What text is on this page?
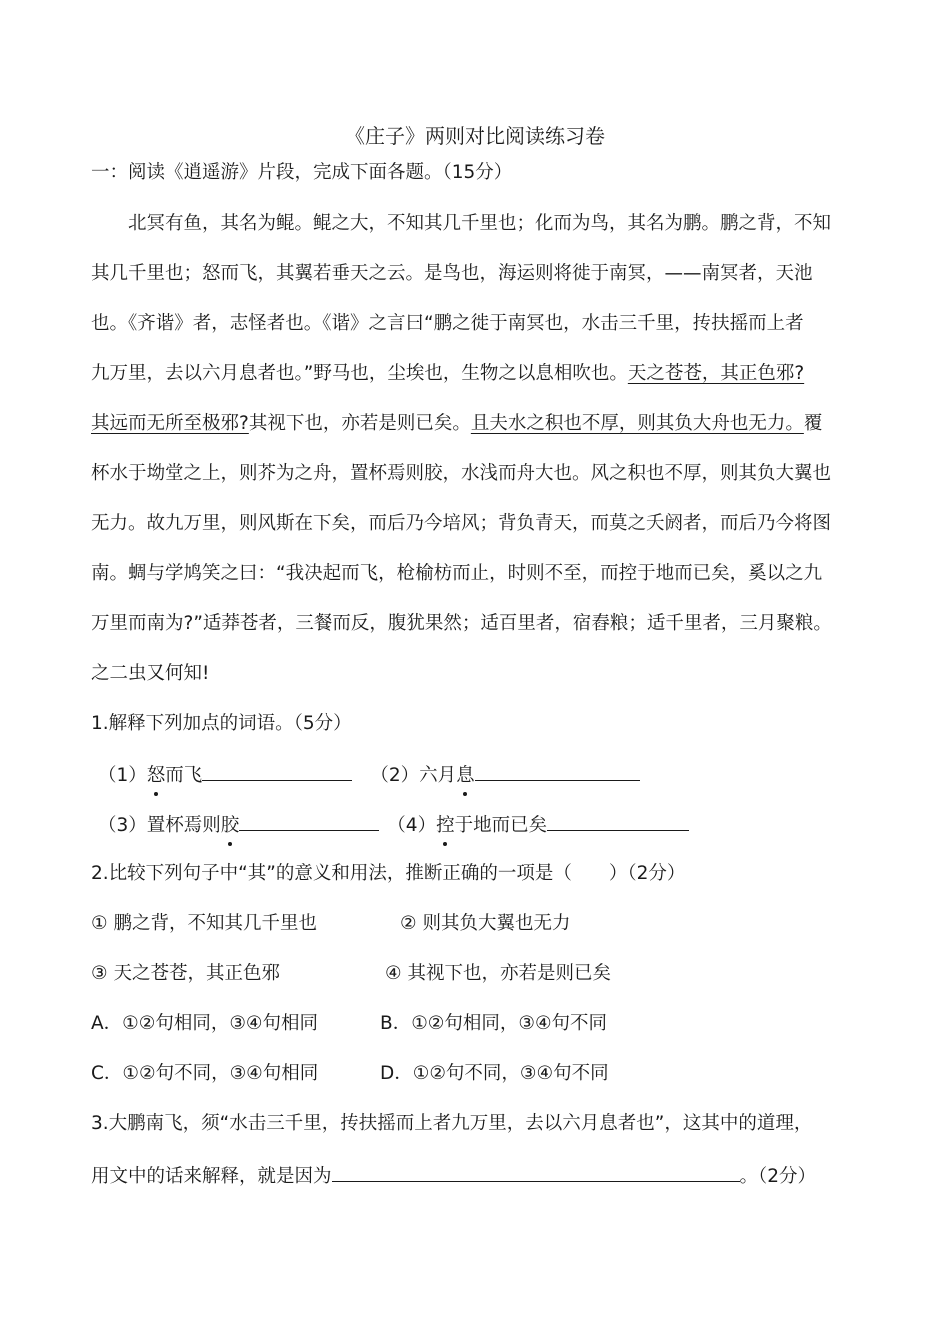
《庄子》两则对比阅读练习卷
一：阅读《逍遥游》片段，完成下面各题。（15分）
北冥有鱼，其名为鲲。鲲之大，不知其几千里也；化而为鸟，其名为鹏。鹏之背，不知
其几千里也；怒而飞，其翼若垂天之云。是鸟也，海运则将徙于南冥，——南冥者，天池
也。《齐谐》者，志怪者也。《谐》之言曰“鹏之徙于南冥也，水击三千里，抟扶摇而上者
九万里，去以六月息者也。”野马也，尘埃也，生物之以息相吹也。天之苍苍，其正色邪?
其远而无所至极邪?其视下也，亦若是则已矣。且夫水之积也不厚，则其负大舟也无力。覆
杯水于坳堂之上，则芥为之舟，置杯焉则胶，水浅而舟大也。风之积也不厚，则其负大翼也
无力。故九万里，则风斯在下矣，而后乃今培风；背负青天，而莫之夭阏者，而后乃今将图
南。蜩与学鸠笑之曰：“我决起而飞，枪榆枋而止，时则不至，而控于地而已矣，奚以之九
万里而南为?”适莽苍者，三餐而反，腹犹果然；适百里者，宿舂粮；适千里者，三月聚粮。
之二虫又何知!
1.解释下列加点的词语。（5分）
（1）怒而飞	（2）六月息
（3）置杯焉则胶	（4）控于地而已矣
2.比较下列句子中“其”的意义和用法，推断正确的一项是（　　）（2分）
① 鹏之背，不知其几千里也	② 则其负大翼也无力
③ 天之苍苍，其正色邪	④ 其视下也，亦若是则已矣
A．①②句相同，③④句相同	B．①②句相同，③④句不同
C．①②句不同，③④句相同	D．①②句不同，③④句不同
3.大鹏南飞，须“水击三千里，抟扶摇而上者九万里，去以六月息者也”，这其中的道理，
用文中的话来解释，就是因为	。（2分）
